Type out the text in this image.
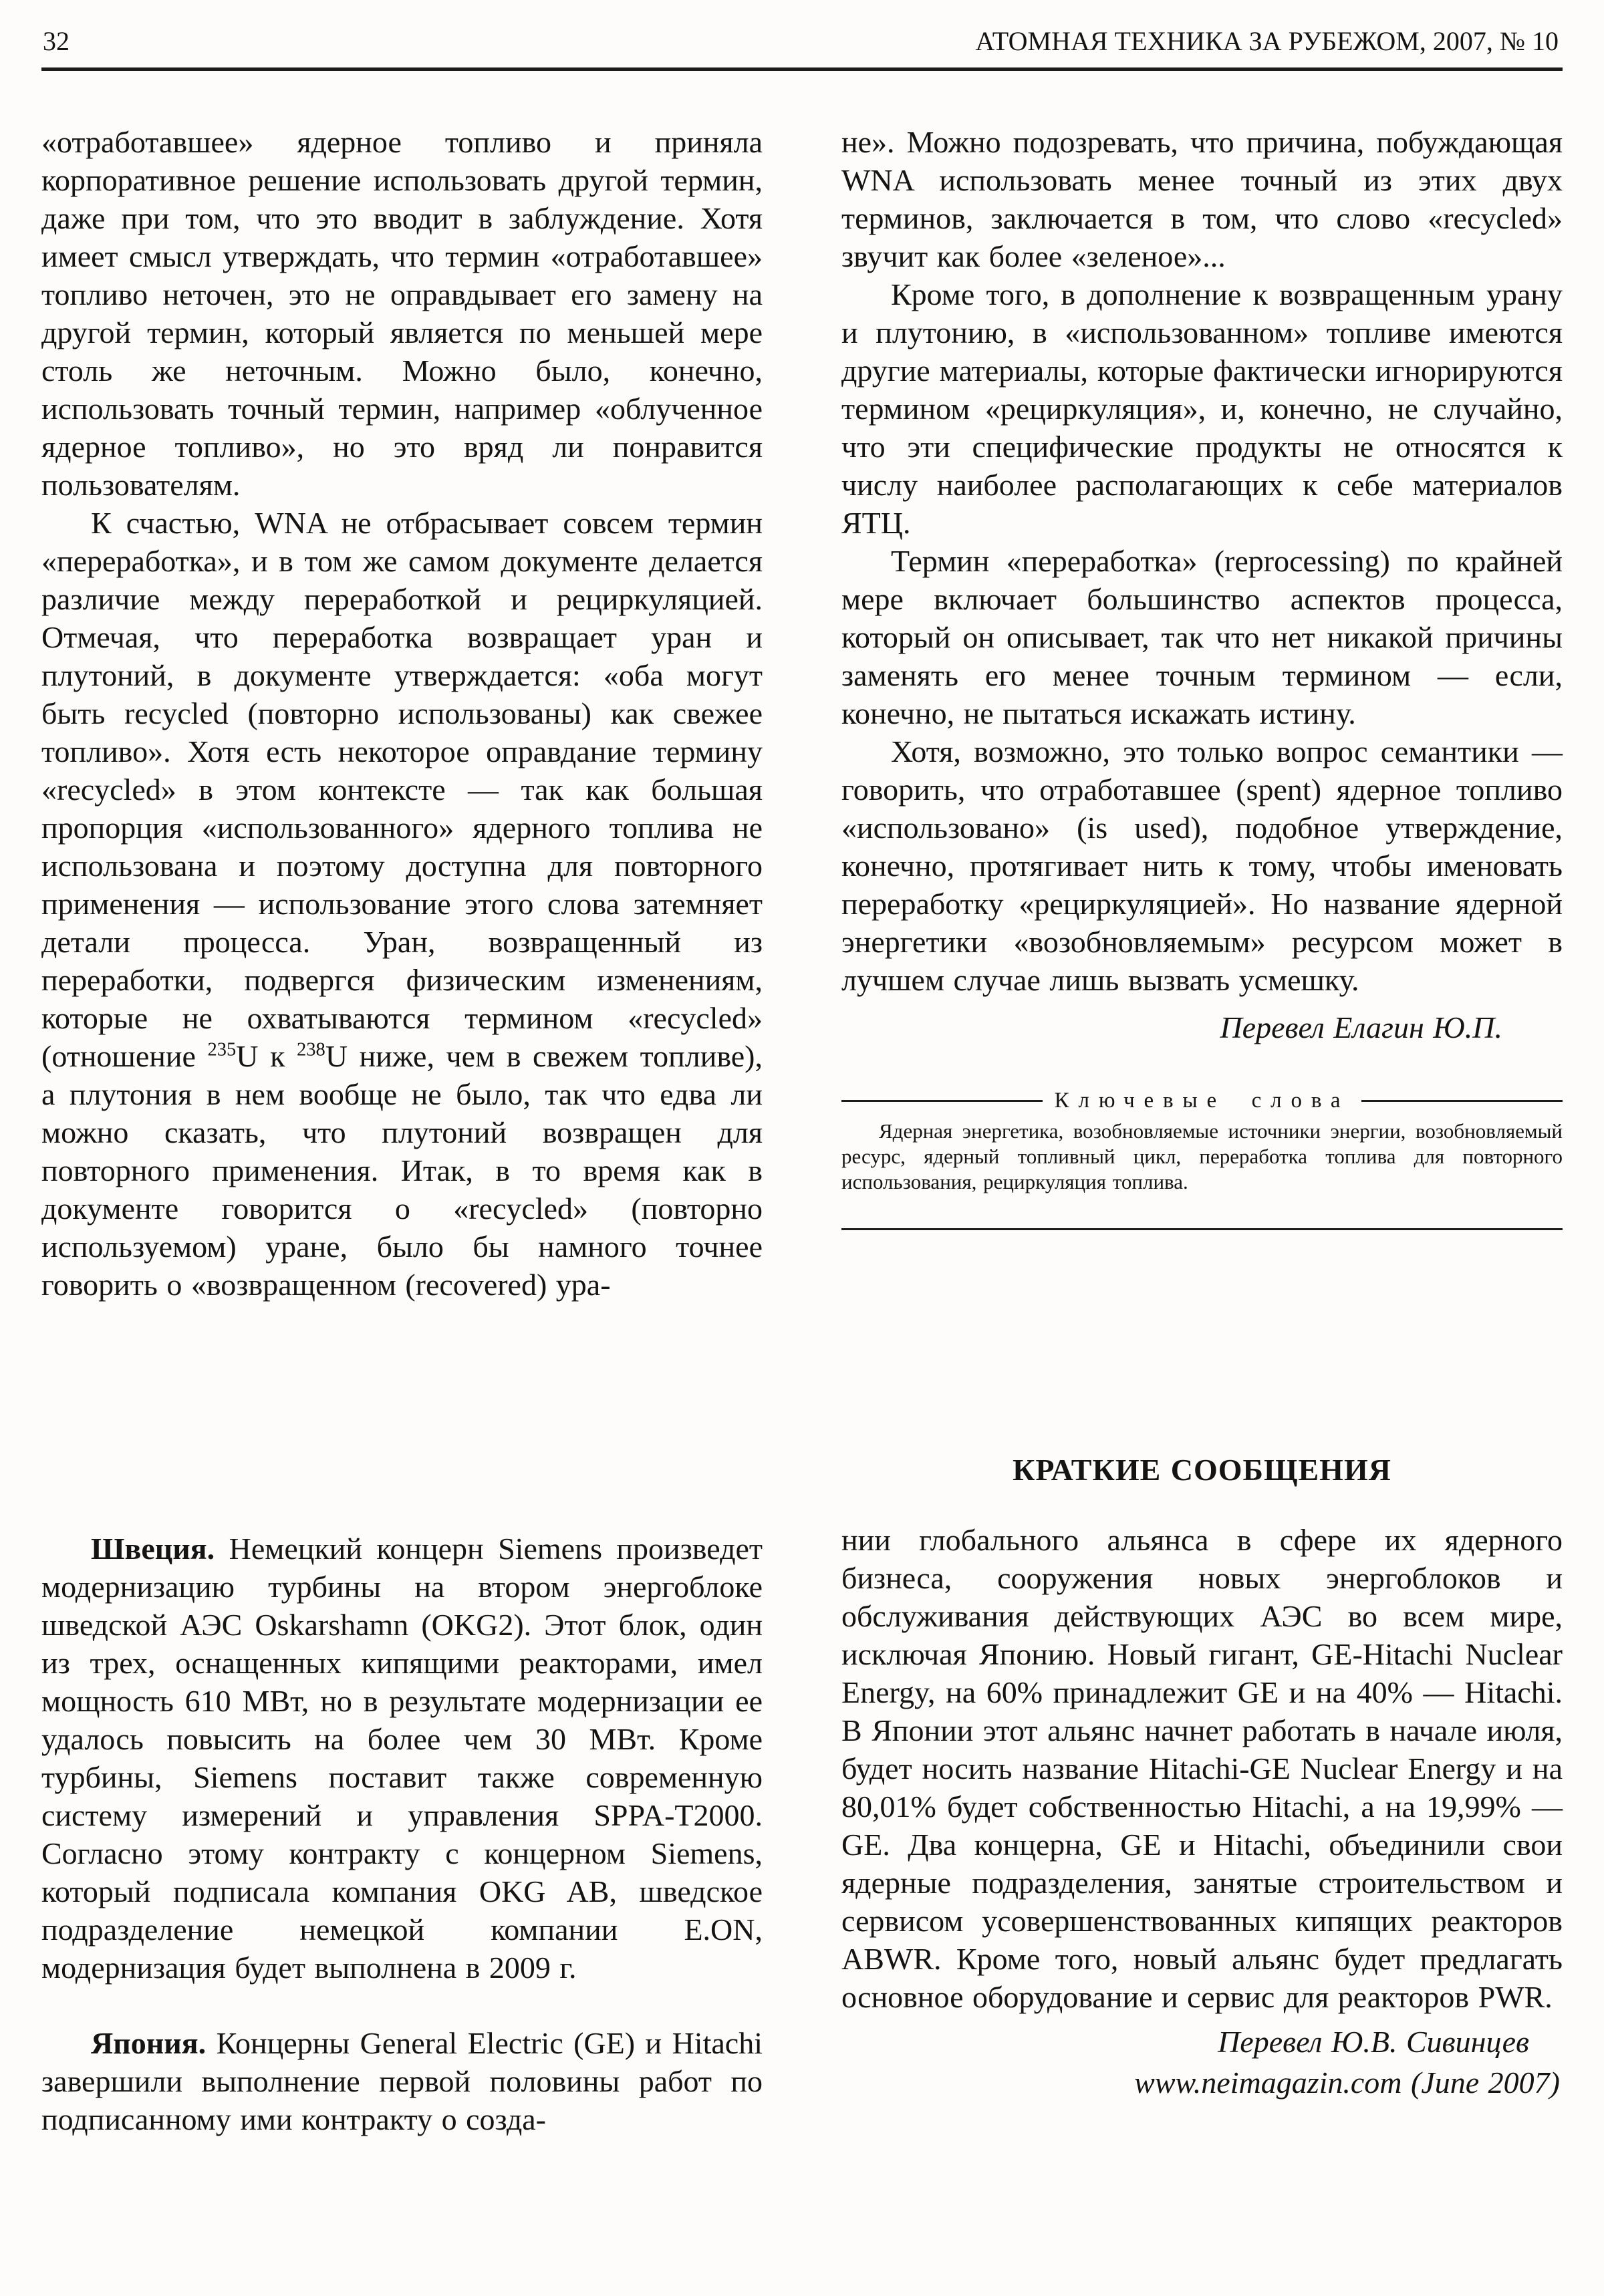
32	АТОМНАЯ ТЕХНИКА ЗА РУБЕЖОМ, 2007, № 10

«отработавшее» ядерное топливо и приняла корпоративное решение использовать другой термин, даже при том, что это вводит в заблуждение. Хотя имеет смысл утверждать, что термин «отработавшее» топливо неточен, это не оправдывает его замену на другой термин, который является по меньшей мере столь же неточным. Можно было, конечно, использовать точный термин, например «облученное ядерное топливо», но это вряд ли понравится пользователям.

К счастью, WNA не отбрасывает совсем термин «переработка», и в том же самом документе делается различие между переработкой и рециркуляцией. Отмечая, что переработка возвращает уран и плутоний, в документе утверждается: «оба могут быть recycled (повторно использованы) как свежее топливо». Хотя есть некоторое оправдание термину «recycled» в этом контексте — так как большая пропорция «использованного» ядерного топлива не использована и поэтому доступна для повторного применения — использование этого слова затемняет детали процесса. Уран, возвращенный из переработки, подвергся физическим изменениям, которые не охватываются термином «recycled» (отношение $^{235}$U к $^{238}$U ниже, чем в свежем топливе), а плутония в нем вообще не было, так что едва ли можно сказать, что плутоний возвращен для повторного применения. Итак, в то время как в документе говорится о «recycled» (повторно используемом) уране, было бы намного точнее говорить о «возвращенном (recovered) ура-

Швеция. Немецкий концерн Siemens произведет модернизацию турбины на втором энергоблоке шведской АЭС Oskarshamn (OKG2). Этот блок, один из трех, оснащенных кипящими реакторами, имел мощность 610 МВт, но в результате модернизации ее удалось повысить на более чем 30 МВт. Кроме турбины, Siemens поставит также современную систему измерений и управления SPPA-T2000. Согласно этому контракту с концерном Siemens, который подписала компания OKG AB, шведское подразделение немецкой компании E.ON, модернизация будет выполнена в 2009 г.

Япония. Концерны General Electric (GE) и Hitachi завершили выполнение первой половины работ по подписанному ими контракту о созда-

не». Можно подозревать, что причина, побуждающая WNA использовать менее точный из этих двух терминов, заключается в том, что слово «recycled» звучит как более «зеленое»...

Кроме того, в дополнение к возвращенным урану и плутонию, в «использованном» топливе имеются другие материалы, которые фактически игнорируются термином «рециркуляция», и, конечно, не случайно, что эти специфические продукты не относятся к числу наиболее располагающих к себе материалов ЯТЦ.

Термин «переработка» (reprocessing) по крайней мере включает большинство аспектов процесса, который он описывает, так что нет никакой причины заменять его менее точным термином — если, конечно, не пытаться искажать истину.

Хотя, возможно, это только вопрос семантики — говорить, что отработавшее (spent) ядерное топливо «использовано» (is used), подобное утверждение, конечно, протягивает нить к тому, чтобы именовать переработку «рециркуляцией». Но название ядерной энергетики «возобновляемым» ресурсом может в лучшем случае лишь вызвать усмешку.

Перевел Елагин Ю.П.

Ключевые слова

Ядерная энергетика, возобновляемые источники энергии, возобновляемый ресурс, ядерный топливный цикл, переработка топлива для повторного использования, рециркуляция топлива.

КРАТКИЕ СООБЩЕНИЯ

нии глобального альянса в сфере их ядерного бизнеса, сооружения новых энергоблоков и обслуживания действующих АЭС во всем мире, исключая Японию. Новый гигант, GE-Hitachi Nuclear Energy, на 60% принадлежит GE и на 40% — Hitachi. В Японии этот альянс начнет работать в начале июля, будет носить название Hitachi-GE Nuclear Energy и на 80,01% будет собственностью Hitachi, а на 19,99% — GE. Два концерна, GE и Hitachi, объединили свои ядерные подразделения, занятые строительством и сервисом усовершенствованных кипящих реакторов ABWR. Кроме того, новый альянс будет предлагать основное оборудование и сервис для реакторов PWR.

Перевел Ю.В. Сивинцев

www.neimagazin.com (June 2007)
